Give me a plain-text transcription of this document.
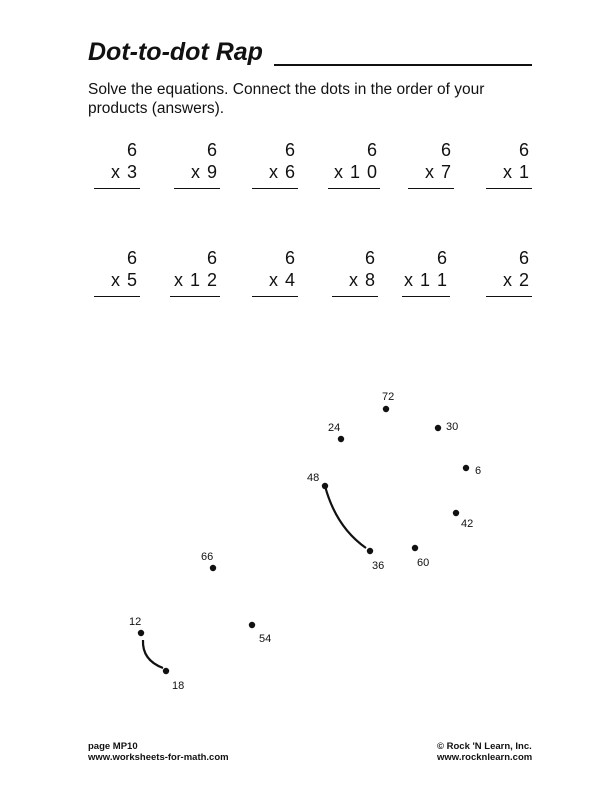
Dot-to-dot Rap
Solve the equations. Connect the dots in the order of your products (answers).
6
x 3
6
x 9
6
x 6
6
x 1 0
6
x 7
6
x 1
6
x 5
6
x 1 2
6
x 4
6
x 8
6
x 1 1
6
x 2
72
24	30
6
48
42
36	60
66
12
54
18
page MP10
www.worksheets-for-math.com
© Rock 'N Learn, Inc.
www.rocknlearn.com
